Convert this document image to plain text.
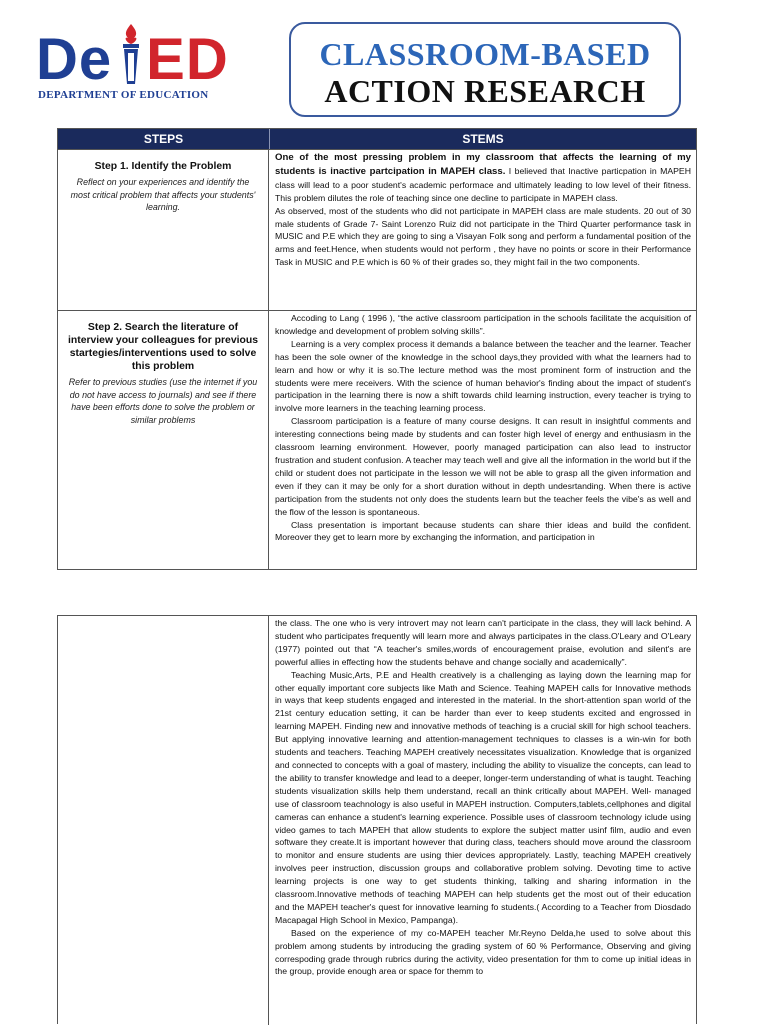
De ED
DEPARTMENT OF EDUCATION
CLASSROOM-BASED
ACTION RESEARCH
STEPS	STEMS
Step 1. Identify the Problem
Reflect on your experiences and identify the most critical problem that affects your students' learning.

One of the most pressing problem in my classroom that affects the learning of my students is inactive partcipation in MAPEH class. I believed that Inactive particpation in MAPEH class will lead to a poor student's academic performace and ultimately leading to low level of their fitness. This problem dilutes the role of teaching since one decline to participate in MAPEH class.

As observed, most of the students who did not participate in MAPEH class are male students. 20 out of 30 male students of Grade 7- Saint Lorenzo Ruiz did not participate in the Third Quarter performance task in MUSIC and P.E which they are going to sing a Visayan Folk song and perform a fundamental position of the arms and feet.Hence, when students would not perform , they have no points or score in their Performance Task in MUSIC and P.E which is 60 % of their grades so, they might fail in the two components.

Step 2. Search the literature of interview your colleagues for previous startegies/interventions used to solve this problem
Refer to previous studies (use the internet if you do not have access to journals) and see if there have been efforts done to solve the problem or similar problems

Accoding to Lang ( 1996 ), “the active classroom participation in the schools facilitate the acquisition of knowledge and development of problem solving skills”.

Learning is a very complex process it demands a balance between the teacher and the learner. Teacher has been the sole owner of the knowledge in the school days,they provided with what the learners had to learn and how or why it is so.The lecture method was the most prominent form of instruction and the students were mere receivers. With the science of human behavior's finding about the impact of student's participation in the learning there is now a shift towards child learning instruction, every teacher is trying to involve more learners in the teaching learning process.

Classroom participation is a feature of many course designs. It can result in insightful comments and interesting connections being made by students and can foster high level of energy and enthusiasm in the classroom learning environment. However, poorly managed participation can also lead to instructor frustration and student confusion. A teacher may teach well and give all the information in the world but if the child or student does not participate in the lesson we will not be able to grasp all the given information and even if they can it may be only for a short duration without in depth undesrtanding. When there is active participation from the students not only does the students learn but the teacher feels the vibe's as well and the flow of the lesson is spontaneous.

Class presentation is important because students can share thier ideas and build the confident. Moreover they get to learn more by exchanging the information, and participation in

the class. The one who is very introvert may not learn can't participate in the class, they will lack behind. A student who participates frequently will learn more and always participates in the class.O'Leary and O'Leary (1977) pointed out that “A teacher's smiles,words of encouragement praise, evolution and silent's are powerful allies in effecting how the students behave and change socially and academically”.

Teaching Music,Arts, P.E and Health creatively is a challenging as laying down the learning map for other equally important core subjects like Math and Science. Teahing MAPEH calls for Innovative methods in ways that keep students engaged and interested in the material. In the short-attention span world of the 21st century education setting, it can be harder than ever to keep students excited and engrossed in learning MAPEH. Finding new and innovative methods of teaching is a crucial skill for high school teachers. But applying innovative learning and attention-management techniques to classes is a win-win for both students and teachers. Teaching MAPEH creatively necessitates visualization. Knowledge that is organized and connected to concepts with a goal of mastery, including the ability to visualize the concepts, can lead to the ability to transfer knowledge and lead to a deeper, longer-term understanding of what is taught. Teaching students visualization skills help them understand, recall an think critically about MAPEH. Well- managed use of classroom teachnology is also useful in MAPEH instruction. Computers,tablets,cellphones and digital cameras can enhance a student's learning experience. Possible uses of classroom technology iclude using video games to tach MAPEH that allow students to explore the subject matter usinf film, audio and even software they create.It is important however that during class, teachers should move around the classroom to monitor and ensure students are using thier devices appropriately. Lastly, teaching MAPEH creatively involves peer instruction, discussion groups and collaborative problem solving. Devoting time to active learning projects is one way to get students thinking, talking and sharing information in the classroom.Innovative methods of teaching MAPEH can help students get the most out of their education and the MAPEH teacher's quest for innovative learning fo students.( According to a Teacher from Diosdado Macapagal High School in Mexico, Pampanga).

Based on the experience of my co-MAPEH teacher Mr.Reyno Delda,he used to solve about this problem among students by introducing the grading system of 60 % Performance, Observing and giving correspoding grade through rubrics during the activity, video presentation for thm to come up initial ideas in the group, provide enough area or space for themm to
